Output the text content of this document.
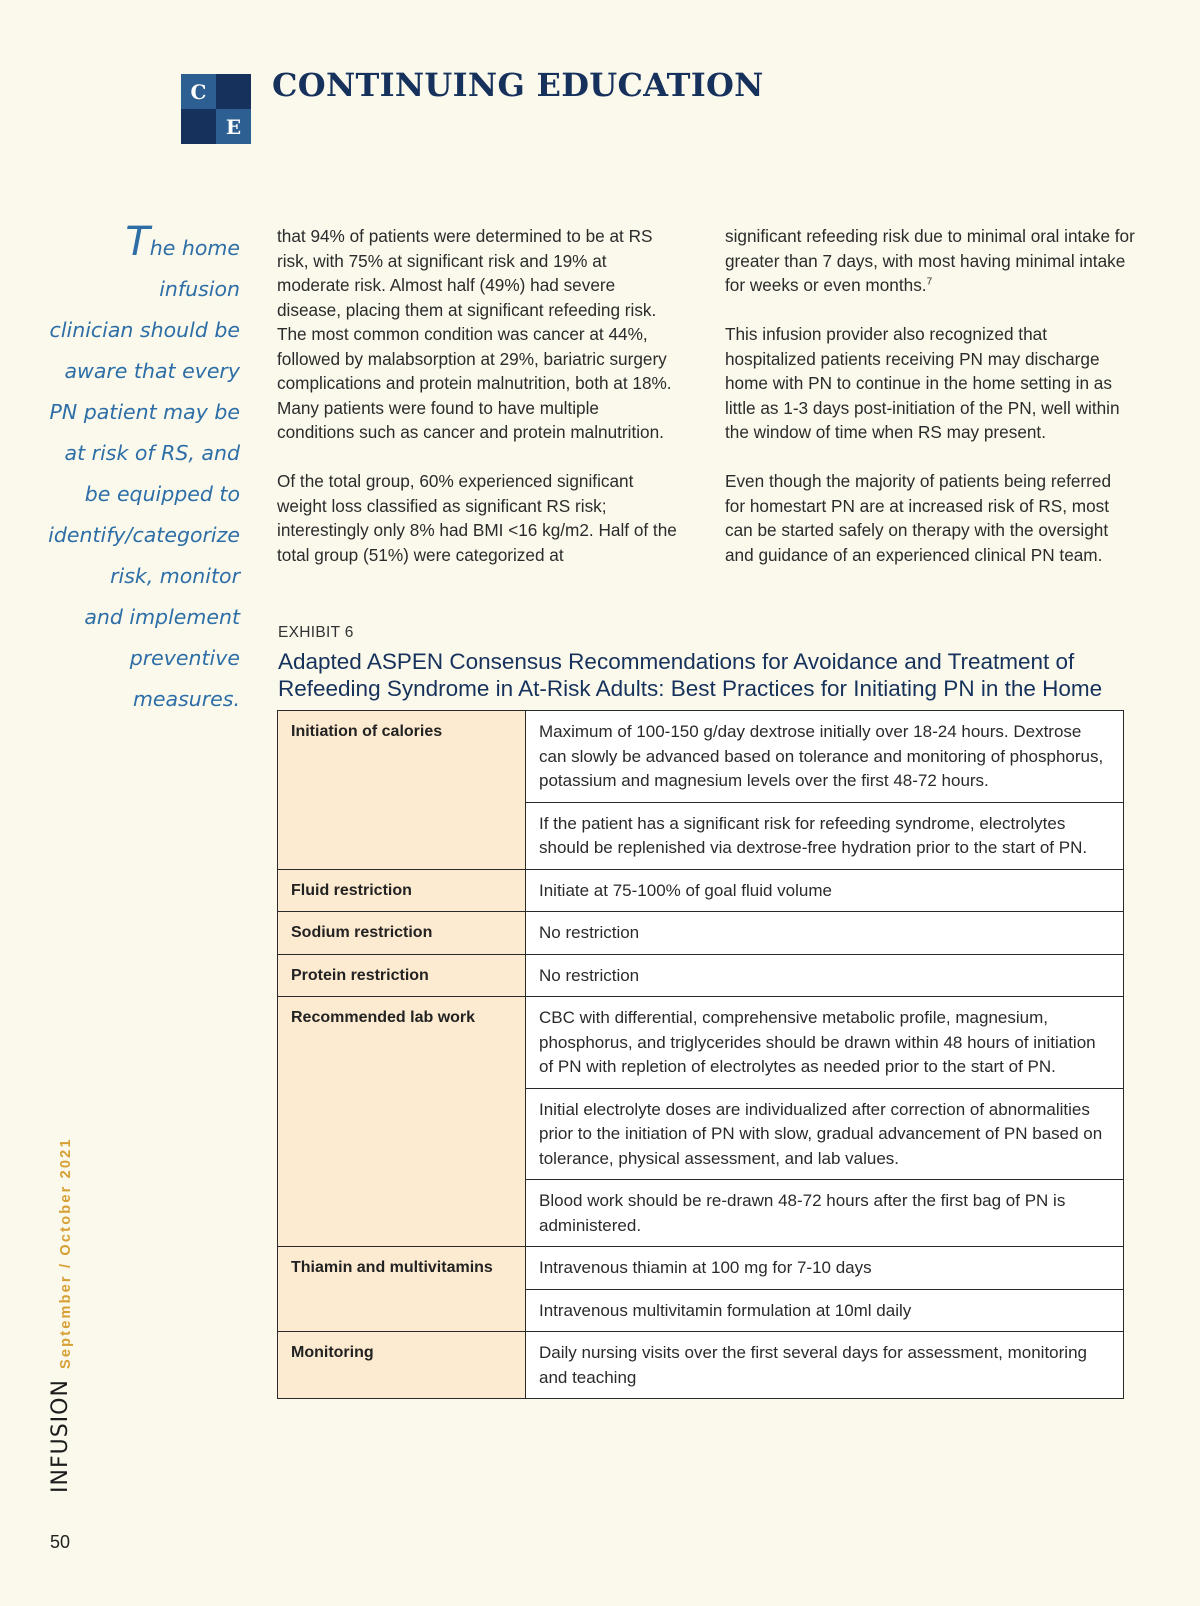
C
E
CONTINUING EDUCATION
The home infusion
clinician should be
aware that every
PN patient may be
at risk of RS, and
be equipped to
identify/categorize
risk, monitor
and implement
preventive
measures.

that 94% of patients were determined to be at RS risk, with 75% at significant risk and 19% at moderate risk. Almost half (49%) had severe disease, placing them at significant refeeding risk. The most common condition was cancer at 44%, followed by malabsorption at 29%, bariatric surgery complications and protein malnutrition, both at 18%. Many patients were found to have multiple conditions such as cancer and protein malnutrition.

Of the total group, 60% experienced significant weight loss classified as significant RS risk; interestingly only 8% had BMI <16 kg/m2. Half of the total group (51%) were categorized at

significant refeeding risk due to minimal oral intake for greater than 7 days, with most having minimal intake for weeks or even months.$^7$

This infusion provider also recognized that hospitalized patients receiving PN may discharge home with PN to continue in the home setting in as little as 1-3 days post-initiation of the PN, well within the window of time when RS may present.

Even though the majority of patients being referred for homestart PN are at increased risk of RS, most can be started safely on therapy with the oversight and guidance of an experienced clinical PN team.

EXHIBIT 6
Adapted ASPEN Consensus Recommendations for Avoidance and Treatment of Refeeding Syndrome in At-Risk Adults: Best Practices for Initiating PN in the Home
Initiation of calories	Maximum of 100-150 g/day dextrose initially over 18-24 hours. Dextrose can slowly be advanced based on tolerance and monitoring of phosphorus, potassium and magnesium levels over the first 48-72 hours.
	If the patient has a significant risk for refeeding syndrome, electrolytes should be replenished via dextrose-free hydration prior to the start of PN.
Fluid restriction	Initiate at 75-100% of goal fluid volume
Sodium restriction	No restriction
Protein restriction	No restriction
Recommended lab work	CBC with differential, comprehensive metabolic profile, magnesium, phosphorus, and triglycerides should be drawn within 48 hours of initiation of PN with repletion of electrolytes as needed prior to the start of PN.
	Initial electrolyte doses are individualized after correction of abnormalities prior to the initiation of PN with slow, gradual advancement of PN based on tolerance, physical assessment, and lab values.
	Blood work should be re-drawn 48-72 hours after the first bag of PN is administered.
Thiamin and multivitamins	Intravenous thiamin at 100 mg for 7-10 days
	Intravenous multivitamin formulation at 10ml daily
Monitoring	Daily nursing visits over the first several days for assessment, monitoring and teaching
September / October 2021
INFUSION
50
